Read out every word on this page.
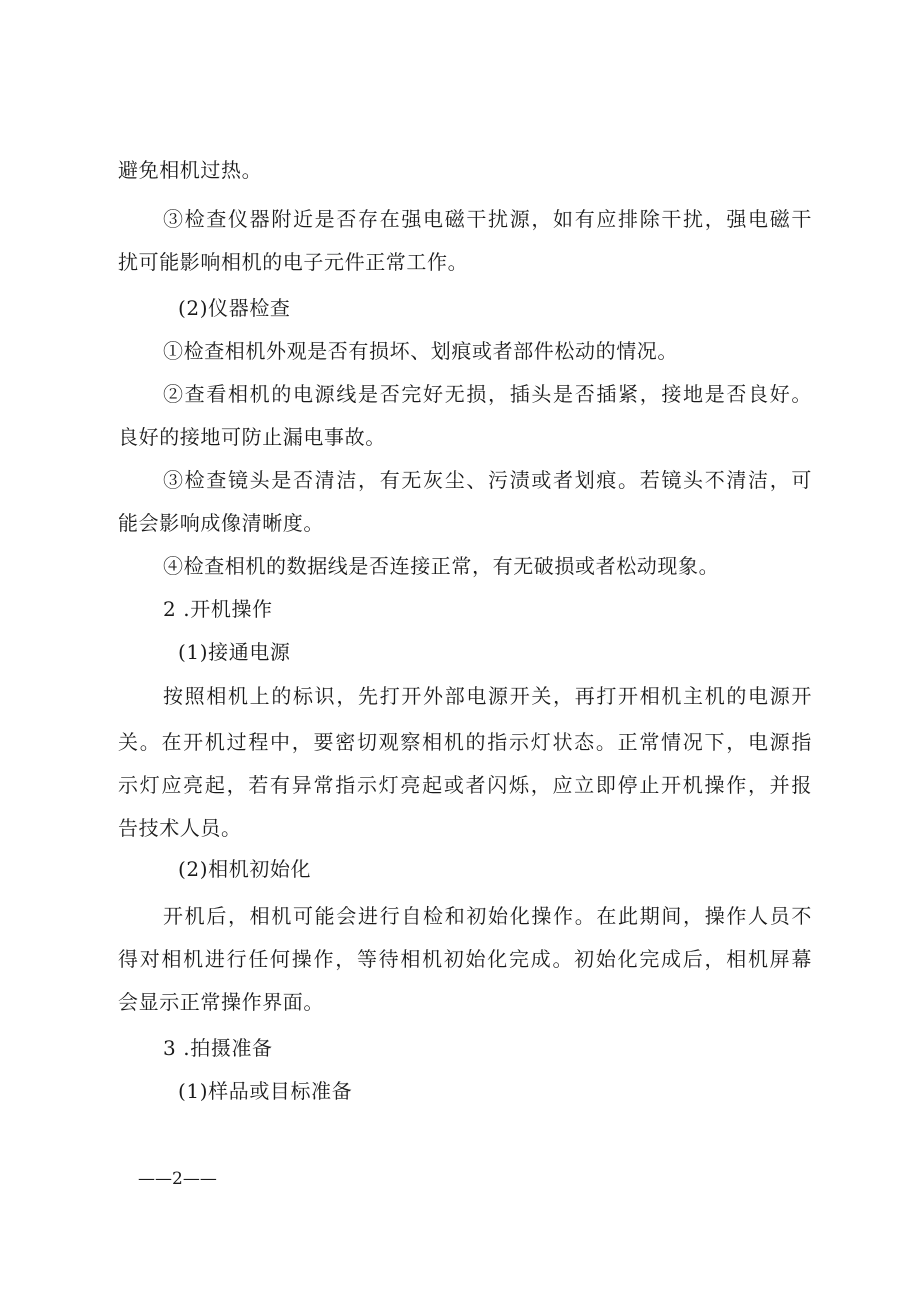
避免相机过热。
③检查仪器附近是否存在强电磁干扰源，如有应排除干扰，强电磁干
扰可能影响相机的电子元件正常工作。
(2)仪器检查
①检查相机外观是否有损坏、划痕或者部件松动的情况。
②查看相机的电源线是否完好无损，插头是否插紧，接地是否良好。
良好的接地可防止漏电事故。
③检查镜头是否清洁，有无灰尘、污渍或者划痕。若镜头不清洁，可
能会影响成像清晰度。
④检查相机的数据线是否连接正常，有无破损或者松动现象。
2 .开机操作
(1)接通电源
按照相机上的标识，先打开外部电源开关，再打开相机主机的电源开
关。在开机过程中，要密切观察相机的指示灯状态。正常情况下，电源指
示灯应亮起，若有异常指示灯亮起或者闪烁，应立即停止开机操作，并报
告技术人员。
(2)相机初始化
开机后，相机可能会进行自检和初始化操作。在此期间，操作人员不
得对相机进行任何操作，等待相机初始化完成。初始化完成后，相机屏幕
会显示正常操作界面。
3 .拍摄准备
(1)样品或目标准备
——2——
